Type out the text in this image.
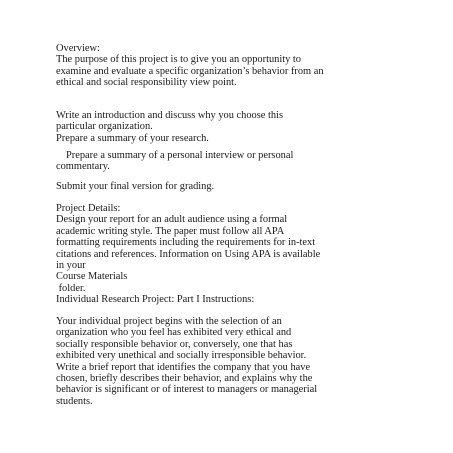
Overview:
The purpose of this project is to give you an opportunity to
examine and evaluate a specific organization’s behavior from an
ethical and social responsibility view point.
Write an introduction and discuss why you choose this
particular organization.
Prepare a summary of your research.
Prepare a summary of a personal interview or personal
commentary.
Submit your final version for grading.
Project Details:
Design your report for an adult audience using a formal
academic writing style. The paper must follow all APA
formatting requirements including the requirements for in-text
citations and references. Information on Using APA is available
in your
Course Materials
folder.
Individual Research Project: Part I Instructions:
Your individual project begins with the selection of an
organization who you feel has exhibited very ethical and
socially responsible behavior or, conversely, one that has
exhibited very unethical and socially irresponsible behavior.
Write a brief report that identifies the company that you have
chosen, briefly describes their behavior, and explains why the
behavior is significant or of interest to managers or managerial
students.
